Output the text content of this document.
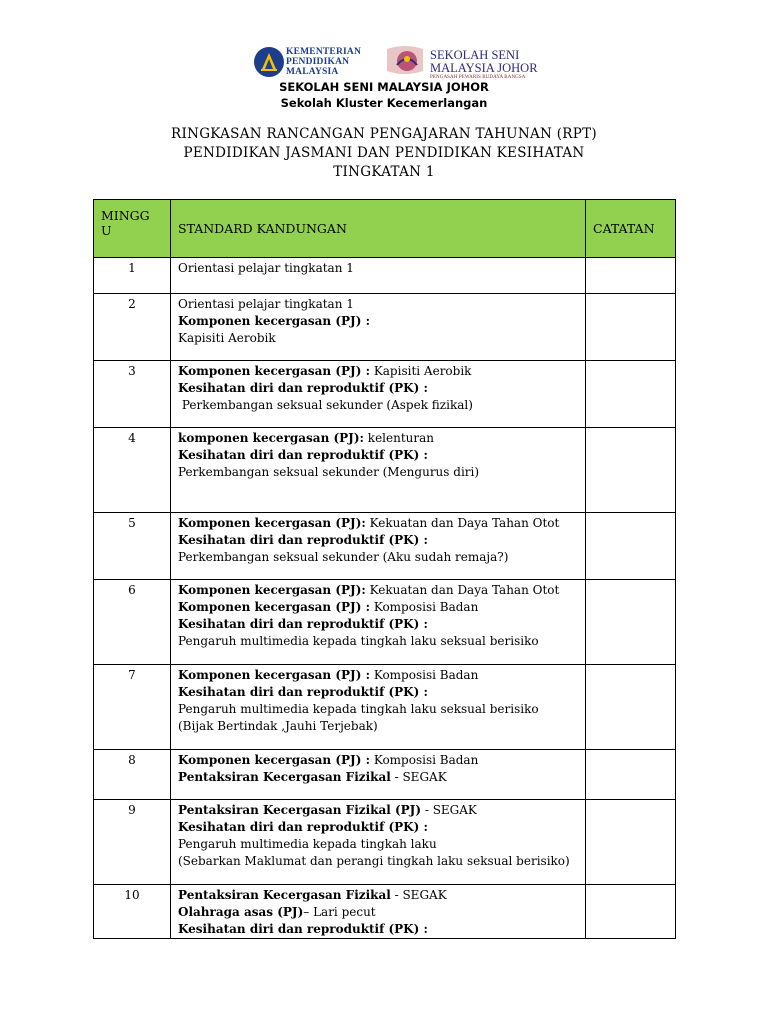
KEMENTERIAN
PENDIDIKAN
MALAYSIA
SEKOLAH SENI
MALAYSIA JOHOR
PENGASAH PEWARIS BUDAYA BANGSA
SEKOLAH SENI MALAYSIA JOHOR
Sekolah Kluster Kecemerlangan
RINGKASAN RANCANGAN PENGAJARAN TAHUNAN (RPT)
PENDIDIKAN JASMANI DAN PENDIDIKAN KESIHATAN
TINGKATAN 1
MINGG
U	STANDARD KANDUNGAN	CATATAN
1	Orientasi pelajar tingkatan 1	

2	Orientasi pelajar tingkatan 1
Komponen kecergasan (PJ) :
Kapisiti Aerobik	

3	Komponen kecergasan (PJ) : Kapisiti Aerobik
Kesihatan diri dan reproduktif (PK) :
Perkembangan seksual sekunder (Aspek fizikal)	

4	komponen kecergasan (PJ): kelenturan
Kesihatan diri dan reproduktif (PK) :
Perkembangan seksual sekunder (Mengurus diri)	

5	Komponen kecergasan (PJ): Kekuatan dan Daya Tahan Otot
Kesihatan diri dan reproduktif (PK) :
Perkembangan seksual sekunder (Aku sudah remaja?)	

6	Komponen kecergasan (PJ): Kekuatan dan Daya Tahan Otot
Komponen kecergasan (PJ) : Komposisi Badan
Kesihatan diri dan reproduktif (PK) :
Pengaruh multimedia kepada tingkah laku seksual berisiko	

7	Komponen kecergasan (PJ) : Komposisi Badan
Kesihatan diri dan reproduktif (PK) :
Pengaruh multimedia kepada tingkah laku seksual berisiko
(Bijak Bertindak ,Jauhi Terjebak)	

8	Komponen kecergasan (PJ) : Komposisi Badan
Pentaksiran Kecergasan Fizikal - SEGAK	

9	Pentaksiran Kecergasan Fizikal (PJ) - SEGAK
Kesihatan diri dan reproduktif (PK) :
Pengaruh multimedia kepada tingkah laku
(Sebarkan Maklumat dan perangi tingkah laku seksual berisiko)	

10	Pentaksiran Kecergasan Fizikal - SEGAK
Olahraga asas (PJ)– Lari pecut
Kesihatan diri dan reproduktif (PK) :	
